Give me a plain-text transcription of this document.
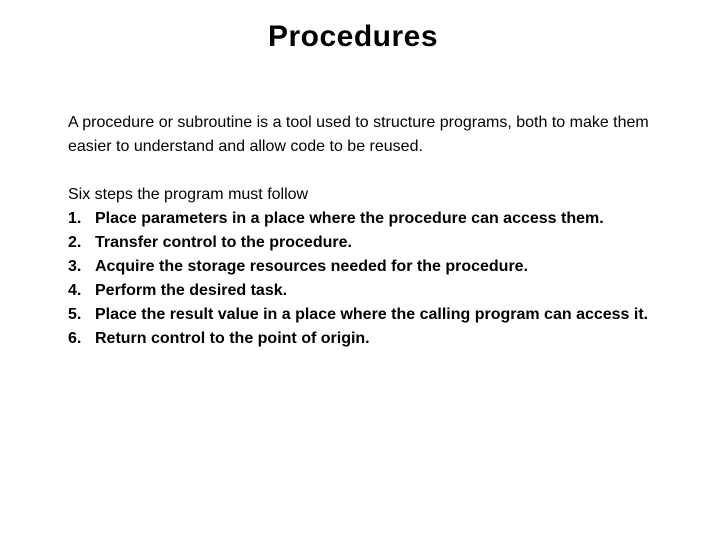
Procedures

A procedure or subroutine is a tool used to structure programs, both to make them easier to understand and allow code to be reused.

Six steps the program must follow

1. Place parameters in a place where the procedure can access them.
2. Transfer control to the procedure.
3. Acquire the storage resources needed for the procedure.
4. Perform the desired task.
5. Place the result value in a place where the calling program can access it.
6. Return control to the point of origin.
